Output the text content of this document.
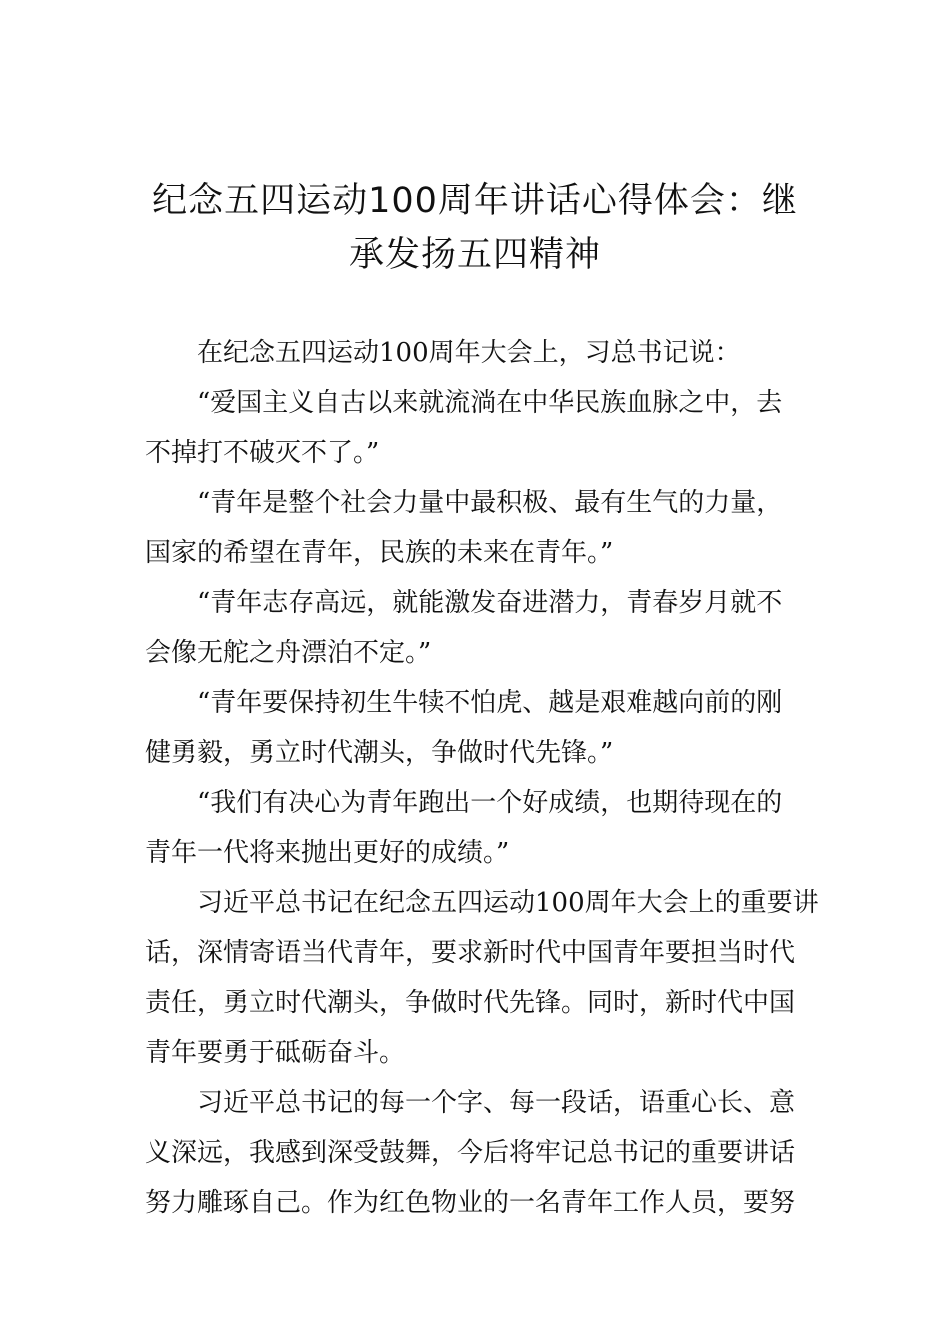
纪念五四运动100周年讲话心得体会：继
承发扬五四精神

在纪念五四运动100周年大会上，习总书记说：

“爱国主义自古以来就流淌在中华民族血脉之中，去
不掉打不破灭不了。”

“青年是整个社会力量中最积极、最有生气的力量，
国家的希望在青年，民族的未来在青年。”

“青年志存高远，就能激发奋进潜力，青春岁月就不
会像无舵之舟漂泊不定。”

“青年要保持初生牛犊不怕虎、越是艰难越向前的刚
健勇毅，勇立时代潮头，争做时代先锋。”

“我们有决心为青年跑出一个好成绩，也期待现在的
青年一代将来抛出更好的成绩。”

习近平总书记在纪念五四运动100周年大会上的重要讲
话，深情寄语当代青年，要求新时代中国青年要担当时代
责任，勇立时代潮头，争做时代先锋。同时，新时代中国
青年要勇于砥砺奋斗。

习近平总书记的每一个字、每一段话，语重心长、意
义深远，我感到深受鼓舞，今后将牢记总书记的重要讲话
努力雕琢自己。作为红色物业的一名青年工作人员，要努
